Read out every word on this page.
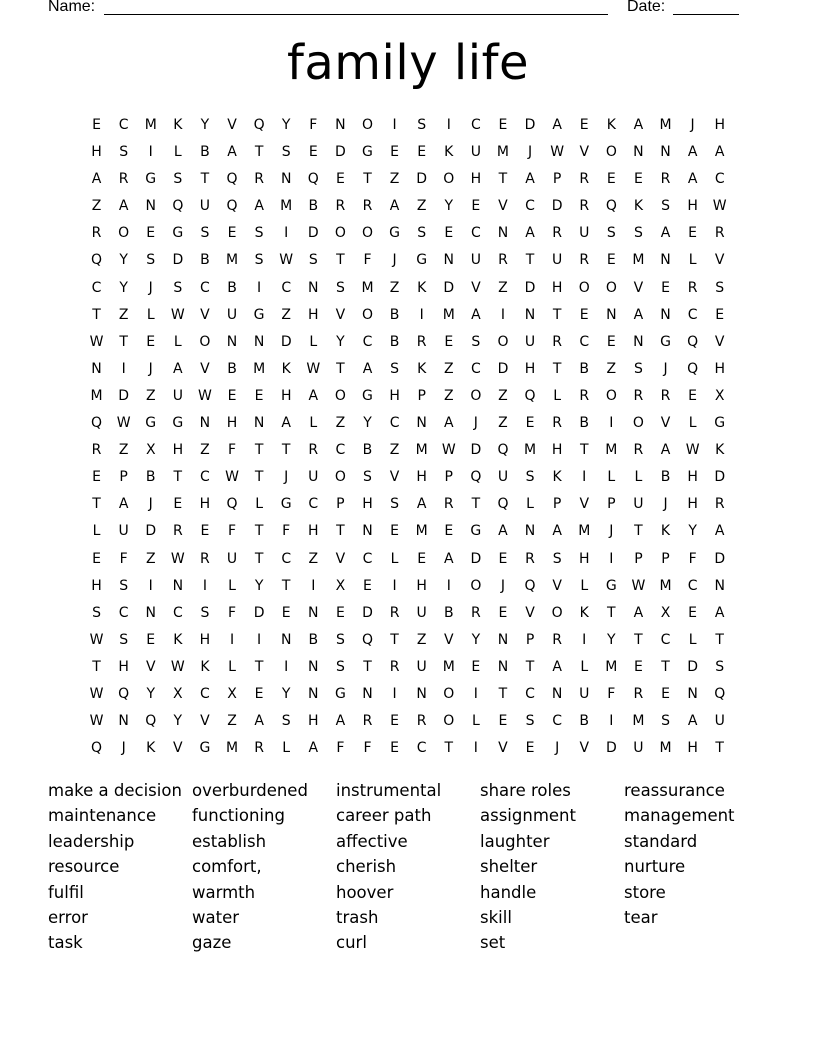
Name:	Date:
family life
E	C	M	K	Y	V	Q	Y	F	N	O	I	S	I	C	E	D	A	E	K	A	M	J	H
H	S	I	L	B	A	T	S	E	D	G	E	E	K	U	M	J	W	V	O	N	N	A	A
A	R	G	S	T	Q	R	N	Q	E	T	Z	D	O	H	T	A	P	R	E	E	R	A	C
Z	A	N	Q	U	Q	A	M	B	R	R	A	Z	Y	E	V	C	D	R	Q	K	S	H	W
R	O	E	G	S	E	S	I	D	O	O	G	S	E	C	N	A	R	U	S	S	A	E	R
Q	Y	S	D	B	M	S	W	S	T	F	J	G	N	U	R	T	U	R	E	M	N	L	V
C	Y	J	S	C	B	I	C	N	S	M	Z	K	D	V	Z	D	H	O	O	V	E	R	S
T	Z	L	W	V	U	G	Z	H	V	O	B	I	M	A	I	N	T	E	N	A	N	C	E
W	T	E	L	O	N	N	D	L	Y	C	B	R	E	S	O	U	R	C	E	N	G	Q	V
N	I	J	A	V	B	M	K	W	T	A	S	K	Z	C	D	H	T	B	Z	S	J	Q	H
M	D	Z	U	W	E	E	H	A	O	G	H	P	Z	O	Z	Q	L	R	O	R	R	E	X
Q	W	G	G	N	H	N	A	L	Z	Y	C	N	A	J	Z	E	R	B	I	O	V	L	G
R	Z	X	H	Z	F	T	T	R	C	B	Z	M	W	D	Q	M	H	T	M	R	A	W	K
E	P	B	T	C	W	T	J	U	O	S	V	H	P	Q	U	S	K	I	L	L	B	H	D
T	A	J	E	H	Q	L	G	C	P	H	S	A	R	T	Q	L	P	V	P	U	J	H	R
L	U	D	R	E	F	T	F	H	T	N	E	M	E	G	A	N	A	M	J	T	K	Y	A
E	F	Z	W	R	U	T	C	Z	V	C	L	E	A	D	E	R	S	H	I	P	P	F	D
H	S	I	N	I	L	Y	T	I	X	E	I	H	I	O	J	Q	V	L	G	W	M	C	N
S	C	N	C	S	F	D	E	N	E	D	R	U	B	R	E	V	O	K	T	A	X	E	A
W	S	E	K	H	I	I	N	B	S	Q	T	Z	V	Y	N	P	R	I	Y	T	C	L	T
T	H	V	W	K	L	T	I	N	S	T	R	U	M	E	N	T	A	L	M	E	T	D	S
W	Q	Y	X	C	X	E	Y	N	G	N	I	N	O	I	T	C	N	U	F	R	E	N	Q
W	N	Q	Y	V	Z	A	S	H	A	R	E	R	O	L	E	S	C	B	I	M	S	A	U
Q	J	K	V	G	M	R	L	A	F	F	E	C	T	I	V	E	J	V	D	U	M	H	T
make a decision
maintenance
leadership
resource
fulfil
error
task
overburdened
functioning
establish
comfort,
warmth
water
gaze
instrumental
career path
affective
cherish
hoover
trash
curl
share roles
assignment
laughter
shelter
handle
skill
set
reassurance
management
standard
nurture
store
tear
